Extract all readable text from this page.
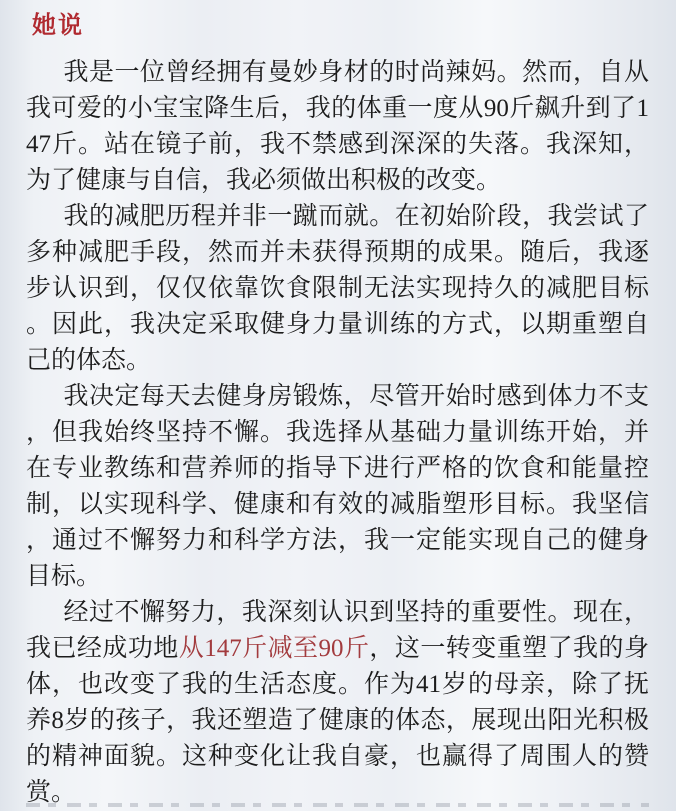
她说

我是一位曾经拥有曼妙身材的时尚辣妈。然而，自从我可爱的小宝宝降生后，我的体重一度从90斤飙升到了147斤。站在镜子前，我不禁感到深深的失落。我深知，为了健康与自信，我必须做出积极的改变。

我的减肥历程并非一蹴而就。在初始阶段，我尝试了多种减肥手段，然而并未获得预期的成果。随后，我逐步认识到，仅仅依靠饮食限制无法实现持久的减肥目标。因此，我决定采取健身力量训练的方式，以期重塑自己的体态。

我决定每天去健身房锻炼，尽管开始时感到体力不支，但我始终坚持不懈。我选择从基础力量训练开始，并在专业教练和营养师的指导下进行严格的饮食和能量控制，以实现科学、健康和有效的减脂塑形目标。我坚信，通过不懈努力和科学方法，我一定能实现自己的健身目标。

经过不懈努力，我深刻认识到坚持的重要性。现在，我已经成功地从147斤减至90斤，这一转变重塑了我的身体，也改变了我的生活态度。作为41岁的母亲，除了抚养8岁的孩子，我还塑造了健康的体态，展现出阳光积极的精神面貌。这种变化让我自豪，也赢得了周围人的赞赏。
